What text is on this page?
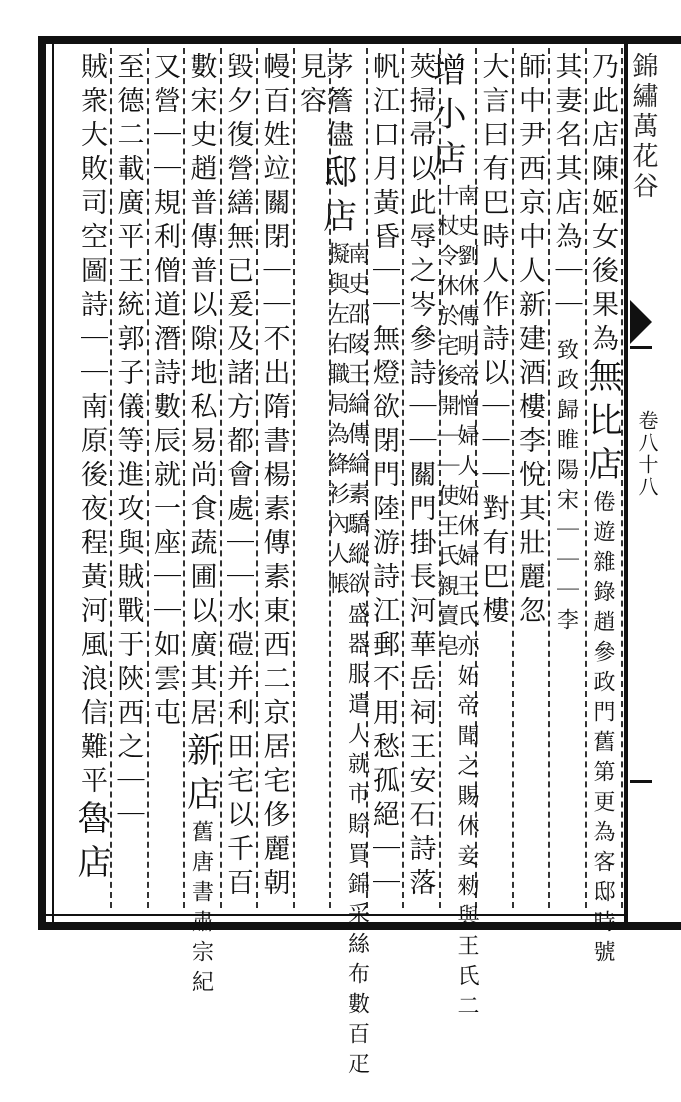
錦繡萬花谷
卷八十八
乃此店陳姬女後果為無比店倦遊雜錄趙參政門舊第更為客邸時號
其妻名其店為｜｜致政歸睢陽宋｜｜｜李
師中尹西京中人新建酒樓李悅其壯麗忽
大言曰有巴時人作詩以｜｜｜對有巴樓
增小店南史劉休傳明帝憎婦人妬休婦王氏亦妬帝聞之賜休妾勑與王氏二十杖令休於宅後開｜｜使王氏親賣皂
莢掃帚以此辱之岑參詩｜｜關門掛長河華岳祠王安石詩落
帆江口月黃昏｜｜無燈欲閉門陸游詩江郵不用愁孤絕｜｜
茅簷儘邸店南史邵陵王綸傳綸素驕縱欲盛器服遣人就市賒買錦采絲布數百疋擬與左右職局為絳衫內人帳
見容
幔百姓竝關閉｜｜不出隋書楊素傳素東西二京居宅侈麗朝
毀夕復營繕無已爰及諸方都會處｜｜水磑并利田宅以千百
數宋史趙普傳普以隙地私易尚食蔬圃以廣其居新店舊唐書肅宗紀
又營｜｜規利僧道潛詩數辰就一座｜｜如雲屯
至德二載廣平王統郭子儀等進攻與賊戰于陝西之｜｜
賊衆大敗司空圖詩｜｜南原後夜程黃河風浪信難平魯店
